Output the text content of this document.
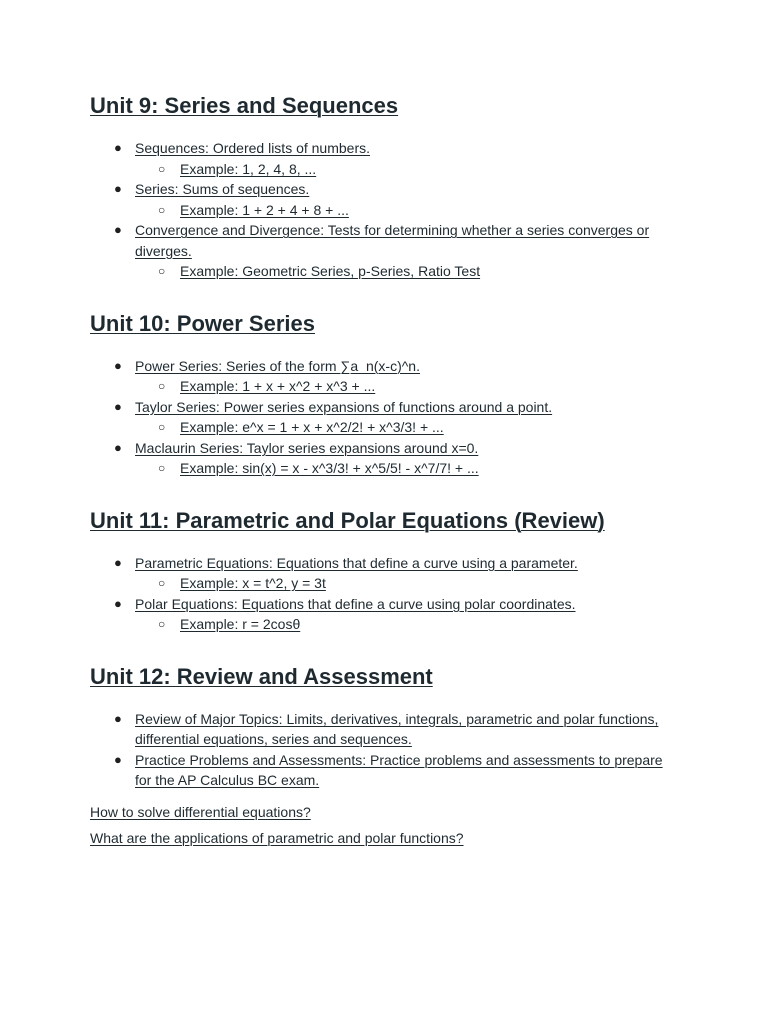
Unit 9: Series and Sequences
● Sequences: Ordered lists of numbers.
○ Example: 1, 2, 4, 8, ...
● Series: Sums of sequences.
○ Example: 1 + 2 + 4 + 8 + ...
● Convergence and Divergence: Tests for determining whether a series converges or diverges.
○ Example: Geometric Series, p-Series, Ratio Test
Unit 10: Power Series
● Power Series: Series of the form ∑a_n(x-c)^n.
○ Example: 1 + x + x^2 + x^3 + ...
● Taylor Series: Power series expansions of functions around a point.
○ Example: e^x = 1 + x + x^2/2! + x^3/3! + ...
● Maclaurin Series: Taylor series expansions around x=0.
○ Example: sin(x) = x - x^3/3! + x^5/5! - x^7/7! + ...
Unit 11: Parametric and Polar Equations (Review)
● Parametric Equations: Equations that define a curve using a parameter.
○ Example: x = t^2, y = 3t
● Polar Equations: Equations that define a curve using polar coordinates.
○ Example: r = 2cosθ
Unit 12: Review and Assessment
● Review of Major Topics: Limits, derivatives, integrals, parametric and polar functions, differential equations, series and sequences.
● Practice Problems and Assessments: Practice problems and assessments to prepare for the AP Calculus BC exam.
How to solve differential equations?
What are the applications of parametric and polar functions?
